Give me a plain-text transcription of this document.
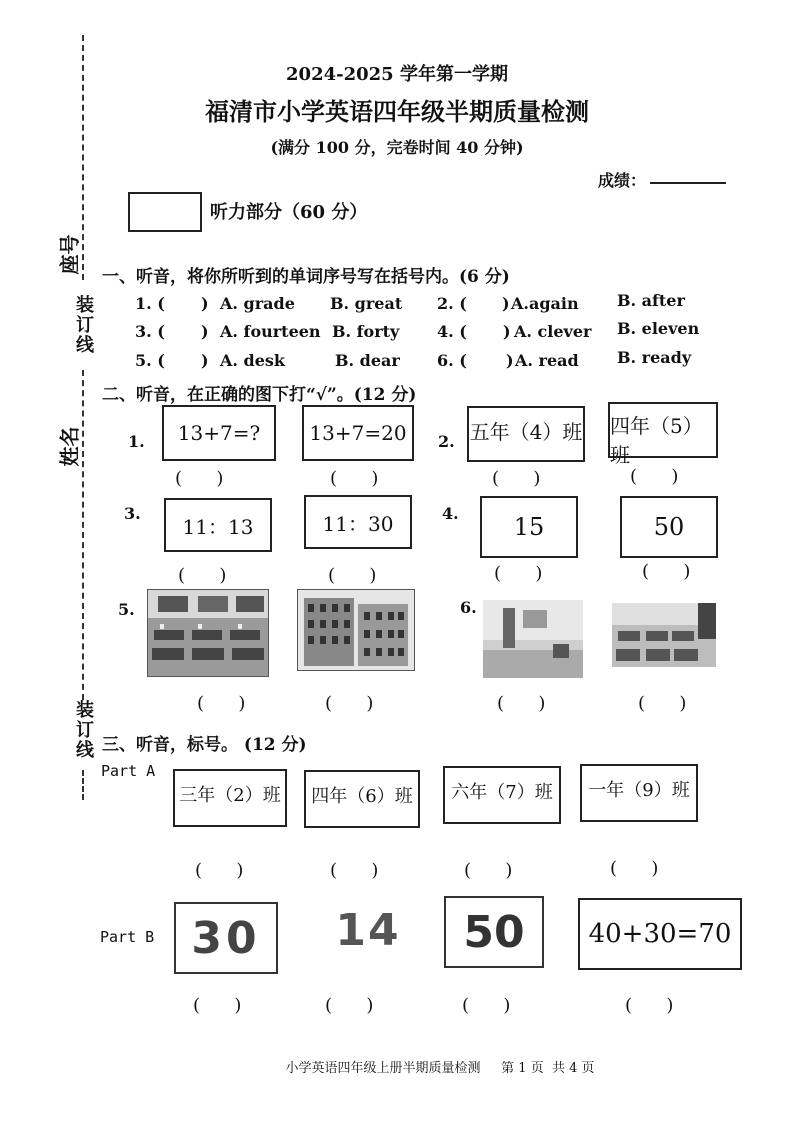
座号
装订线
姓名
装订线
2024-2025 学年第一学期
福清市小学英语四年级半期质量检测
(满分 100 分，完卷时间 40 分钟)
成绩：
听力部分（60 分）
一、听音，将你所听到的单词序号写在括号内。(6 分)
1. ( ) A. grade B. great 2. ( ) A.again B. after
3. ( ) A. fourteen B. forty 4. ( ) A. clever B. eleven
5. ( ) A. desk	B. dear 6. ( ) A. read B. ready
二、听音，在正确的图下打“√”。(12 分)
1.	13+7=?	13+7=20	2. 五年（4）班 四年（5）班
(      )	(      )	(      )	(      )
3.
11：13	11：30	4.	15	50
(      )	(      )	(      )	(      )
5.	6.
(      )	(      )	(      )	(      )
三、听音，标号。 (12 分)
Part A
三年（2）班	四年（6）班	六年（7）班	一年（9）班
(      )	(      )	(      )	(      )
Part B 30	14	50	40+30=70
(      )	(      )	(      )	(      )
小学英语四年级上册半期质量检测     第 1 页  共 4 页
